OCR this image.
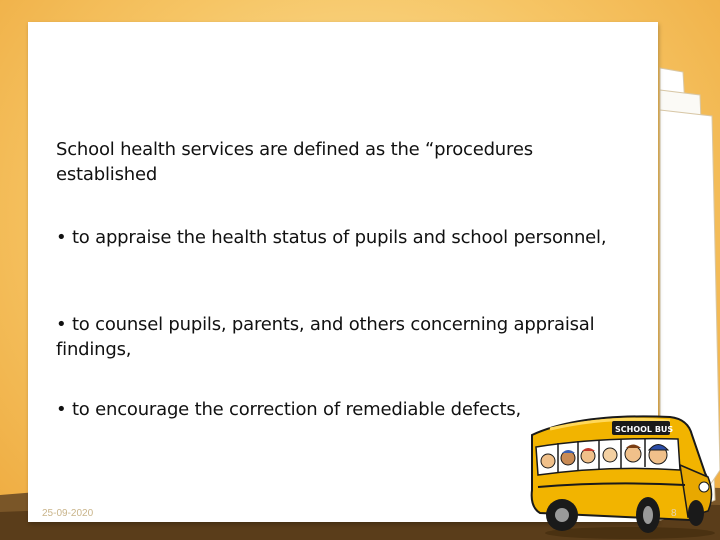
School health services are defined as the “procedures established

• to appraise the health status of pupils and school personnel,

• to counsel pupils, parents, and others concerning appraisal findings,

• to encourage the correction of remediable defects,

25-09-2020
SCHOOL BUS
8
